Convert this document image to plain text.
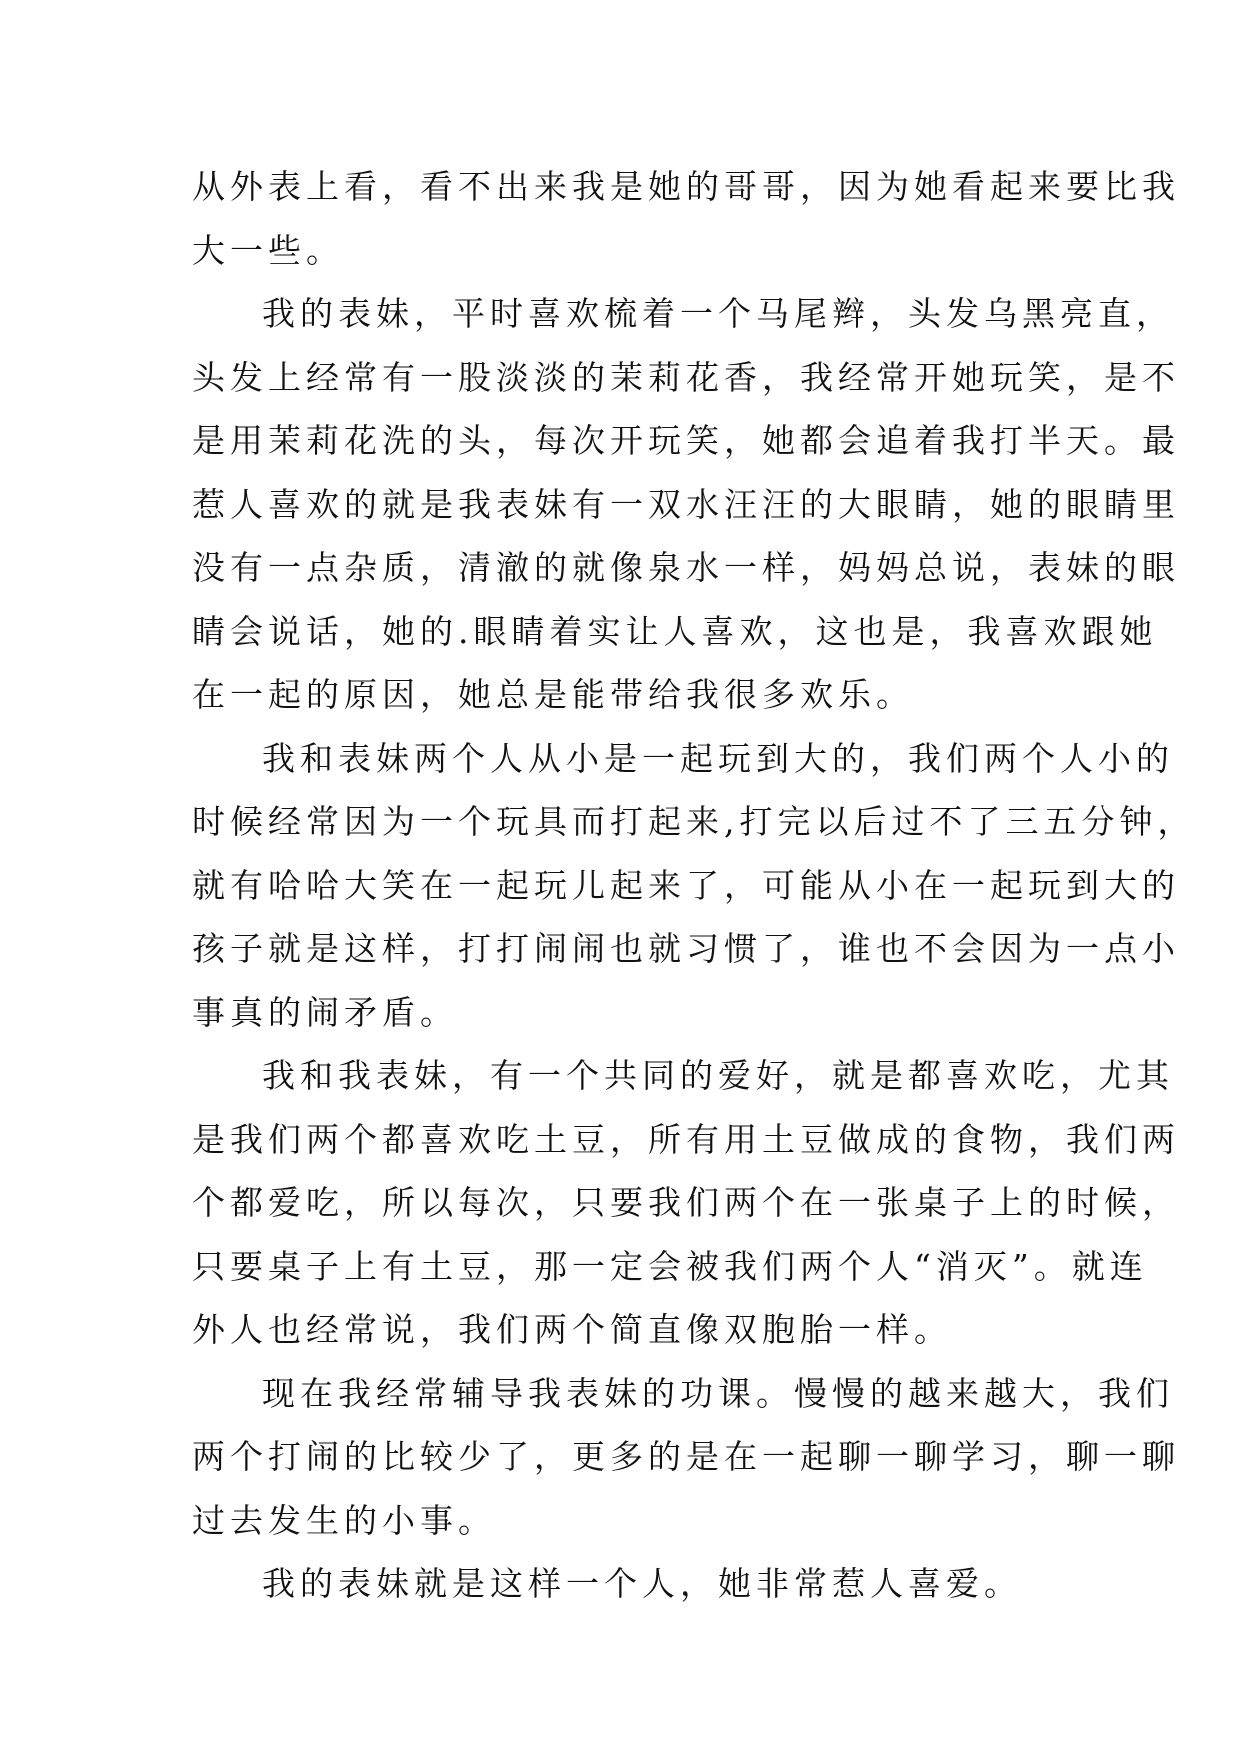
从外表上看，看不出来我是她的哥哥，因为她看起来要比我
大一些。
我的表妹，平时喜欢梳着一个马尾辫，头发乌黑亮直，
头发上经常有一股淡淡的茉莉花香，我经常开她玩笑，是不
是用茉莉花洗的头，每次开玩笑，她都会追着我打半天。最
惹人喜欢的就是我表妹有一双水汪汪的大眼睛，她的眼睛里
没有一点杂质，清澈的就像泉水一样，妈妈总说，表妹的眼
睛会说话，她的.眼睛着实让人喜欢，这也是，我喜欢跟她
在一起的原因，她总是能带给我很多欢乐。
我和表妹两个人从小是一起玩到大的，我们两个人小的
时候经常因为一个玩具而打起来,打完以后过不了三五分钟，
就有哈哈大笑在一起玩儿起来了，可能从小在一起玩到大的
孩子就是这样，打打闹闹也就习惯了，谁也不会因为一点小
事真的闹矛盾。
我和我表妹，有一个共同的爱好，就是都喜欢吃，尤其
是我们两个都喜欢吃土豆，所有用土豆做成的食物，我们两
个都爱吃，所以每次，只要我们两个在一张桌子上的时候，
只要桌子上有土豆，那一定会被我们两个人“消灭”。就连
外人也经常说，我们两个简直像双胞胎一样。
现在我经常辅导我表妹的功课。慢慢的越来越大，我们
两个打闹的比较少了，更多的是在一起聊一聊学习，聊一聊
过去发生的小事。
我的表妹就是这样一个人，她非常惹人喜爱。
